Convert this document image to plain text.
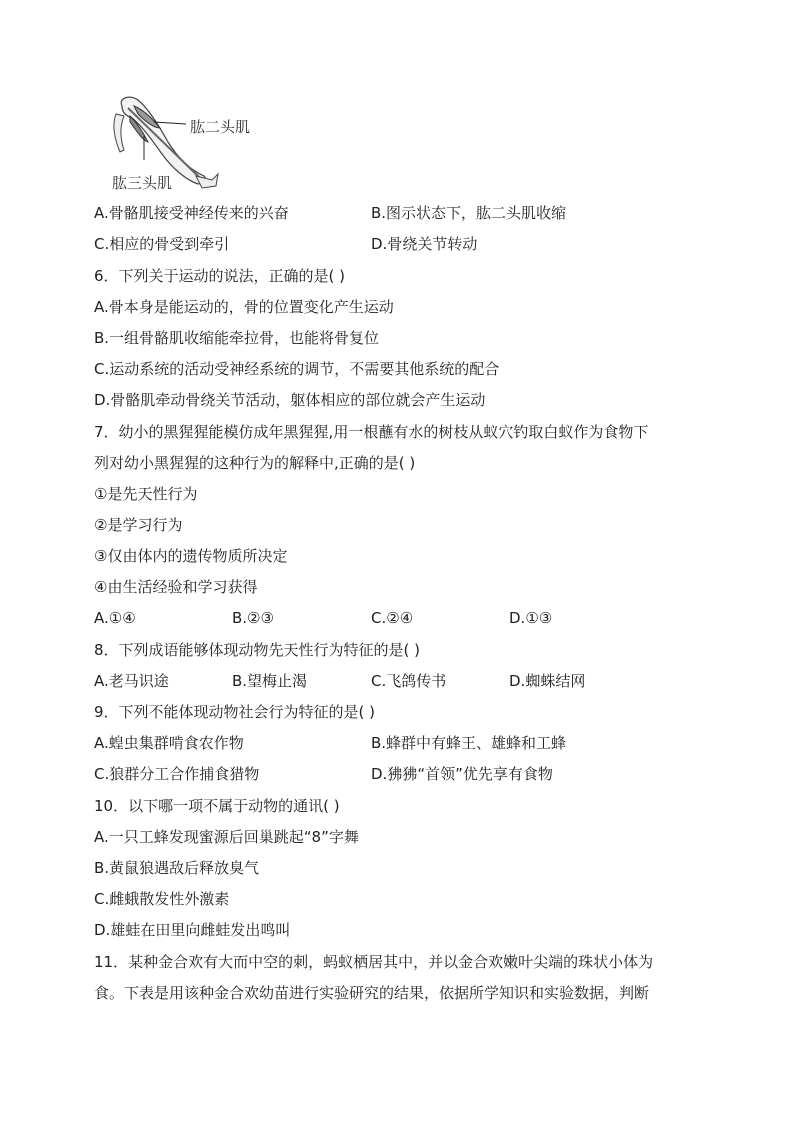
肱二头肌
肱三头肌
A.骨骼肌接受神经传来的兴奋	B.图示状态下，肱二头肌收缩
C.相应的骨受到牵引	D.骨绕关节转动
6．下列关于运动的说法，正确的是( )
A.骨本身是能运动的，骨的位置变化产生运动
B.一组骨骼肌收缩能牵拉骨，也能将骨复位
C.运动系统的活动受神经系统的调节，不需要其他系统的配合
D.骨骼肌牵动骨绕关节活动，躯体相应的部位就会产生运动
7．幼小的黑猩猩能模仿成年黑猩猩,用一根蘸有水的树枝从蚁穴钓取白蚁作为食物下
列对幼小黑猩猩的这种行为的解释中,正确的是( )
①是先天性行为
②是学习行为
③仅由体内的遗传物质所决定
④由生活经验和学习获得
A.①④	B.②③	C.②④	D.①③
8．下列成语能够体现动物先天性行为特征的是( )
A.老马识途	B.望梅止渴	C.飞鸽传书	D.蜘蛛结网
9．下列不能体现动物社会行为特征的是( )
A.蝗虫集群啃食农作物	B.蜂群中有蜂王、雄蜂和工蜂
C.狼群分工合作捕食猎物	D.狒狒“首领”优先享有食物
10．以下哪一项不属于动物的通讯( )
A.一只工蜂发现蜜源后回巢跳起“8”字舞
B.黄鼠狼遇敌后释放臭气
C.雌蛾散发性外激素
D.雄蛙在田里向雌蛙发出鸣叫
11．某种金合欢有大而中空的刺，蚂蚁栖居其中，并以金合欢嫩叶尖端的珠状小体为
食。下表是用该种金合欢幼苗进行实验研究的结果，依据所学知识和实验数据，判断
